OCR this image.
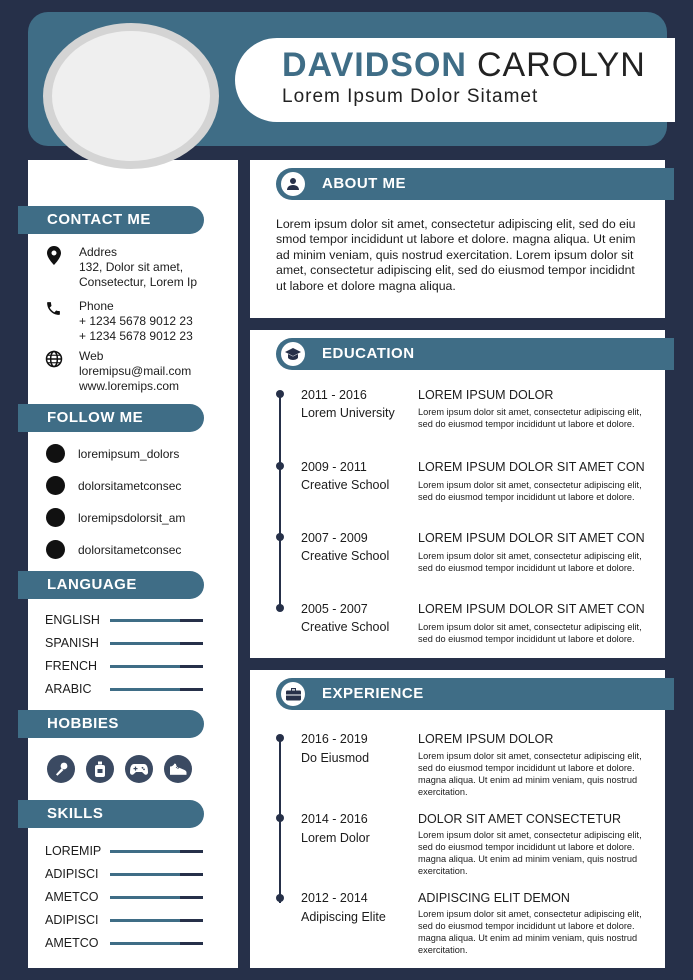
DAVIDSON CAROLYN
Lorem Ipsum Dolor Sitamet
CONTACT ME
Addres
132, Dolor sit amet,
Consetectur, Lorem Ip
Phone
+ 1234 5678 9012 23
+ 1234 5678 9012 23
Web
loremipsu@mail.com
www.loremips.com
FOLLOW ME
loremipsum_dolors
dolorsitametconsec
loremipsdolorsit_am
dolorsitametconsec
LANGUAGE
ENGLISH
SPANISH
FRENCH
ARABIC
HOBBIES
SKILLS
LOREMIP
ADIPISCI
AMETCO
ADIPISCI
AMETCO
ABOUT ME
Lorem ipsum dolor sit amet, consectetur adipiscing elit, sed do eiu
smod tempor incididunt ut labore et dolore. magna aliqua. Ut enim
ad minim veniam, quis nostrud exercitation. Lorem ipsum dolor sit
amet, consectetur adipiscing elit, sed do eiusmod tempor incididnt
ut labore et dolore magna aliqua.
EDUCATION
2011 - 2016
Lorem University
LOREM IPSUM DOLOR
Lorem ipsum dolor sit amet, consectetur adipiscing elit, sed do eiusmod tempor incididunt ut labore et dolore.
2009 - 2011
Creative School
LOREM IPSUM DOLOR SIT AMET CON
Lorem ipsum dolor sit amet, consectetur adipiscing elit, sed do eiusmod tempor incididunt ut labore et dolore.
2007 - 2009
Creative School
LOREM IPSUM DOLOR SIT AMET CON
Lorem ipsum dolor sit amet, consectetur adipiscing elit, sed do eiusmod tempor incididunt ut labore et dolore.
2005 - 2007
Creative School
LOREM IPSUM DOLOR SIT AMET CON
Lorem ipsum dolor sit amet, consectetur adipiscing elit, sed do eiusmod tempor incididunt ut labore et dolore.
EXPERIENCE
2016 - 2019
Do Eiusmod
LOREM IPSUM DOLOR
Lorem ipsum dolor sit amet, consectetur adipiscing elit, sed do eiusmod tempor incididunt ut labore et dolore. magna aliqua. Ut enim ad minim veniam, quis nostrud exercitation.
2014 - 2016
Lorem Dolor
DOLOR SIT AMET CONSECTETUR
Lorem ipsum dolor sit amet, consectetur adipiscing elit, sed do eiusmod tempor incididunt ut labore et dolore. magna aliqua. Ut enim ad minim veniam, quis nostrud exercitation.
2012 - 2014
Adipiscing Elite
ADIPISCING ELIT DEMON
Lorem ipsum dolor sit amet, consectetur adipiscing elit, sed do eiusmod tempor incididunt ut labore et dolore. magna aliqua. Ut enim ad minim veniam, quis nostrud exercitation.
